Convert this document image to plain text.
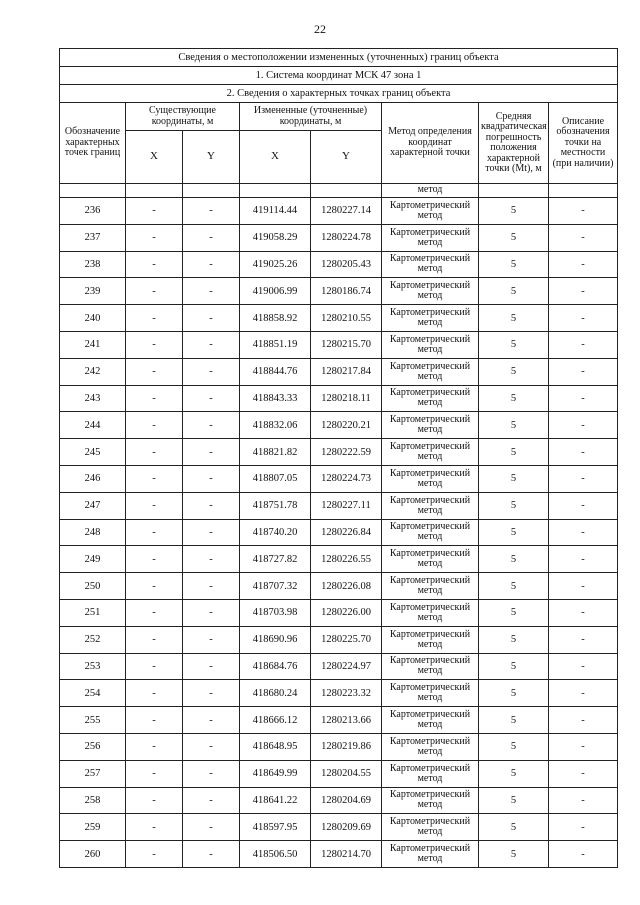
22
Сведения о местоположении измененных (уточненных) границ объекта							
1. Система координат МСК 47 зона 1							
2. Сведения о характерных точках границ объекта							
Обозначение характерных точек границ	Существующие координаты, м		Измененные (уточненные) координаты, м		Метод определения координат характерной точки	Средняя квадратическая погрешность положения характерной точки (Mt), м	Описание обозначения точки на местности (при наличии)
	X	Y	X	Y			
					метод		
236	-	-	419114.44	1280227.14	Картометрический метод	5	-
237	-	-	419058.29	1280224.78	Картометрический метод	5	-
238	-	-	419025.26	1280205.43	Картометрический метод	5	-
239	-	-	419006.99	1280186.74	Картометрический метод	5	-
240	-	-	418858.92	1280210.55	Картометрический метод	5	-
241	-	-	418851.19	1280215.70	Картометрический метод	5	-
242	-	-	418844.76	1280217.84	Картометрический метод	5	-
243	-	-	418843.33	1280218.11	Картометрический метод	5	-
244	-	-	418832.06	1280220.21	Картометрический метод	5	-
245	-	-	418821.82	1280222.59	Картометрический метод	5	-
246	-	-	418807.05	1280224.73	Картометрический метод	5	-
247	-	-	418751.78	1280227.11	Картометрический метод	5	-
248	-	-	418740.20	1280226.84	Картометрический метод	5	-
249	-	-	418727.82	1280226.55	Картометрический метод	5	-
250	-	-	418707.32	1280226.08	Картометрический метод	5	-
251	-	-	418703.98	1280226.00	Картометрический метод	5	-
252	-	-	418690.96	1280225.70	Картометрический метод	5	-
253	-	-	418684.76	1280224.97	Картометрический метод	5	-
254	-	-	418680.24	1280223.32	Картометрический метод	5	-
255	-	-	418666.12	1280213.66	Картометрический метод	5	-
256	-	-	418648.95	1280219.86	Картометрический метод	5	-
257	-	-	418649.99	1280204.55	Картометрический метод	5	-
258	-	-	418641.22	1280204.69	Картометрический метод	5	-
259	-	-	418597.95	1280209.69	Картометрический метод	5	-
260	-	-	418506.50	1280214.70	Картометрический метод	5	-
